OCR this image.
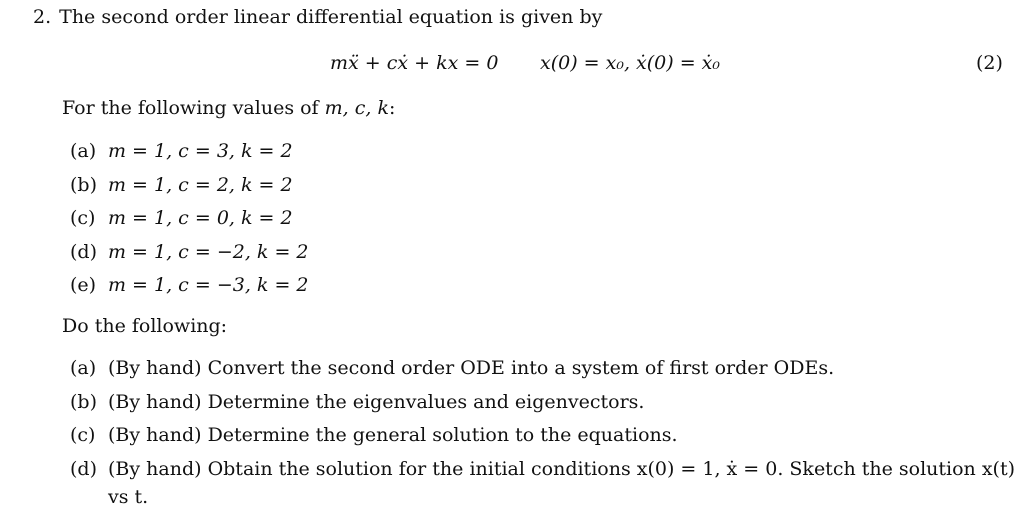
2. The second order linear differential equation is given by
mẍ + cẋ + kx = 0 x(0) = x₀, ẋ(0) = ẋ₀	(2)
For the following values of m, c, k:
(a) m = 1, c = 3, k = 2
(b) m = 1, c = 2, k = 2
(c) m = 1, c = 0, k = 2
(d) m = 1, c = −2, k = 2
(e) m = 1, c = −3, k = 2
Do the following:
(a) (By hand) Convert the second order ODE into a system of first order ODEs.
(b) (By hand) Determine the eigenvalues and eigenvectors.
(c) (By hand) Determine the general solution to the equations.
(d) (By hand) Obtain the solution for the initial conditions x(0) = 1, ẋ = 0. Sketch the solution x(t)
vs t.
